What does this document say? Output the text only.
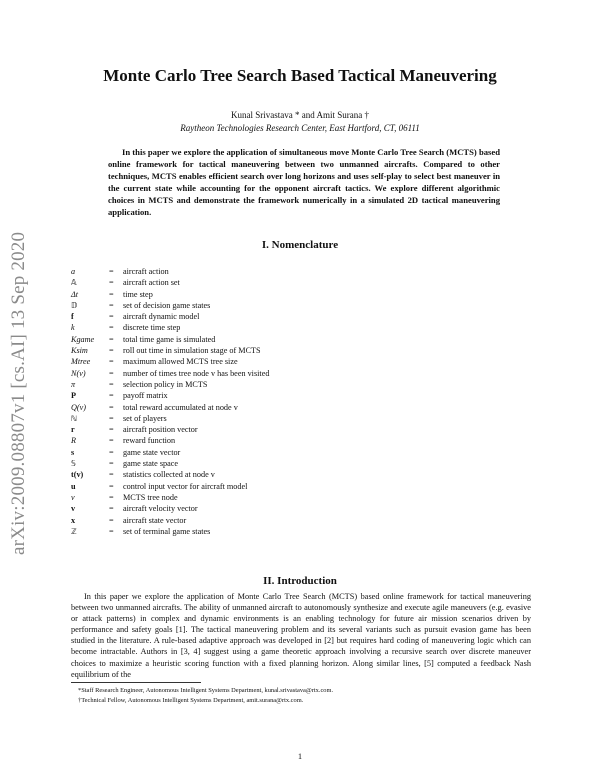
arXiv:2009.08807v1 [cs.AI] 13 Sep 2020
Monte Carlo Tree Search Based Tactical Maneuvering
Kunal Srivastava * and Amit Surana †
Raytheon Technologies Research Center, East Hartford, CT, 06111
In this paper we explore the application of simultaneous move Monte Carlo Tree Search (MCTS) based online framework for tactical maneuvering between two unmanned aircrafts. Compared to other techniques, MCTS enables efficient search over long horizons and uses self-play to select best maneuver in the current state while accounting for the opponent aircraft tactics. We explore different algorithmic choices in MCTS and demonstrate the framework numerically in a simulated 2D tactical maneuvering application.
I. Nomenclature
a	=	aircraft action
𝔸	=	aircraft action set
Δt	=	time step
𝔻	=	set of decision game states
f	=	aircraft dynamic model
k	=	discrete time step
Kgame	=	total time game is simulated
Ksim	=	roll out time in simulation stage of MCTS
Mtree	=	maximum allowed MCTS tree size
N(v)	=	number of times tree node v has been visited
π	=	selection policy in MCTS
P	=	payoff matrix
Q(v)	=	total reward accumulated at node v
ℕ	=	set of players
r	=	aircraft position vector
R	=	reward function
s	=	game state vector
𝕊	=	game state space
t(v)	=	statistics collected at node v
u	=	control input vector for aircraft model
v	=	MCTS tree node
v	=	aircraft velocity vector
x	=	aircraft state vector
ℤ	=	set of terminal game states
II. Introduction
In this paper we explore the application of Monte Carlo Tree Search (MCTS) based online framework for tactical maneuvering between two unmanned aircrafts. The ability of unmanned aircraft to autonomously synthesize and execute agile maneuvers (e.g. evasive or attack patterns) in complex and dynamic environments is an enabling technology for future air mission scenarios driven by performance and safety goals [1]. The tactical maneuvering problem and its several variants such as pursuit evasion game has been studied in the literature. A rule-based adaptive approach was developed in [2] but requires hard coding of maneuvering logic which can become intractable. Authors in [3, 4] suggest using a game theoretic approach involving a recursive search over discrete maneuver choices to maximize a heuristic scoring function with a fixed planning horizon. Along similar lines, [5] computed a feedback Nash equilibrium of the
*Staff Research Engineer, Autonomous Intelligent Systems Department, kunal.srivastava@rtx.com.
†Technical Fellow, Autonomous Intelligent Systems Department, amit.surana@rtx.com.
1
